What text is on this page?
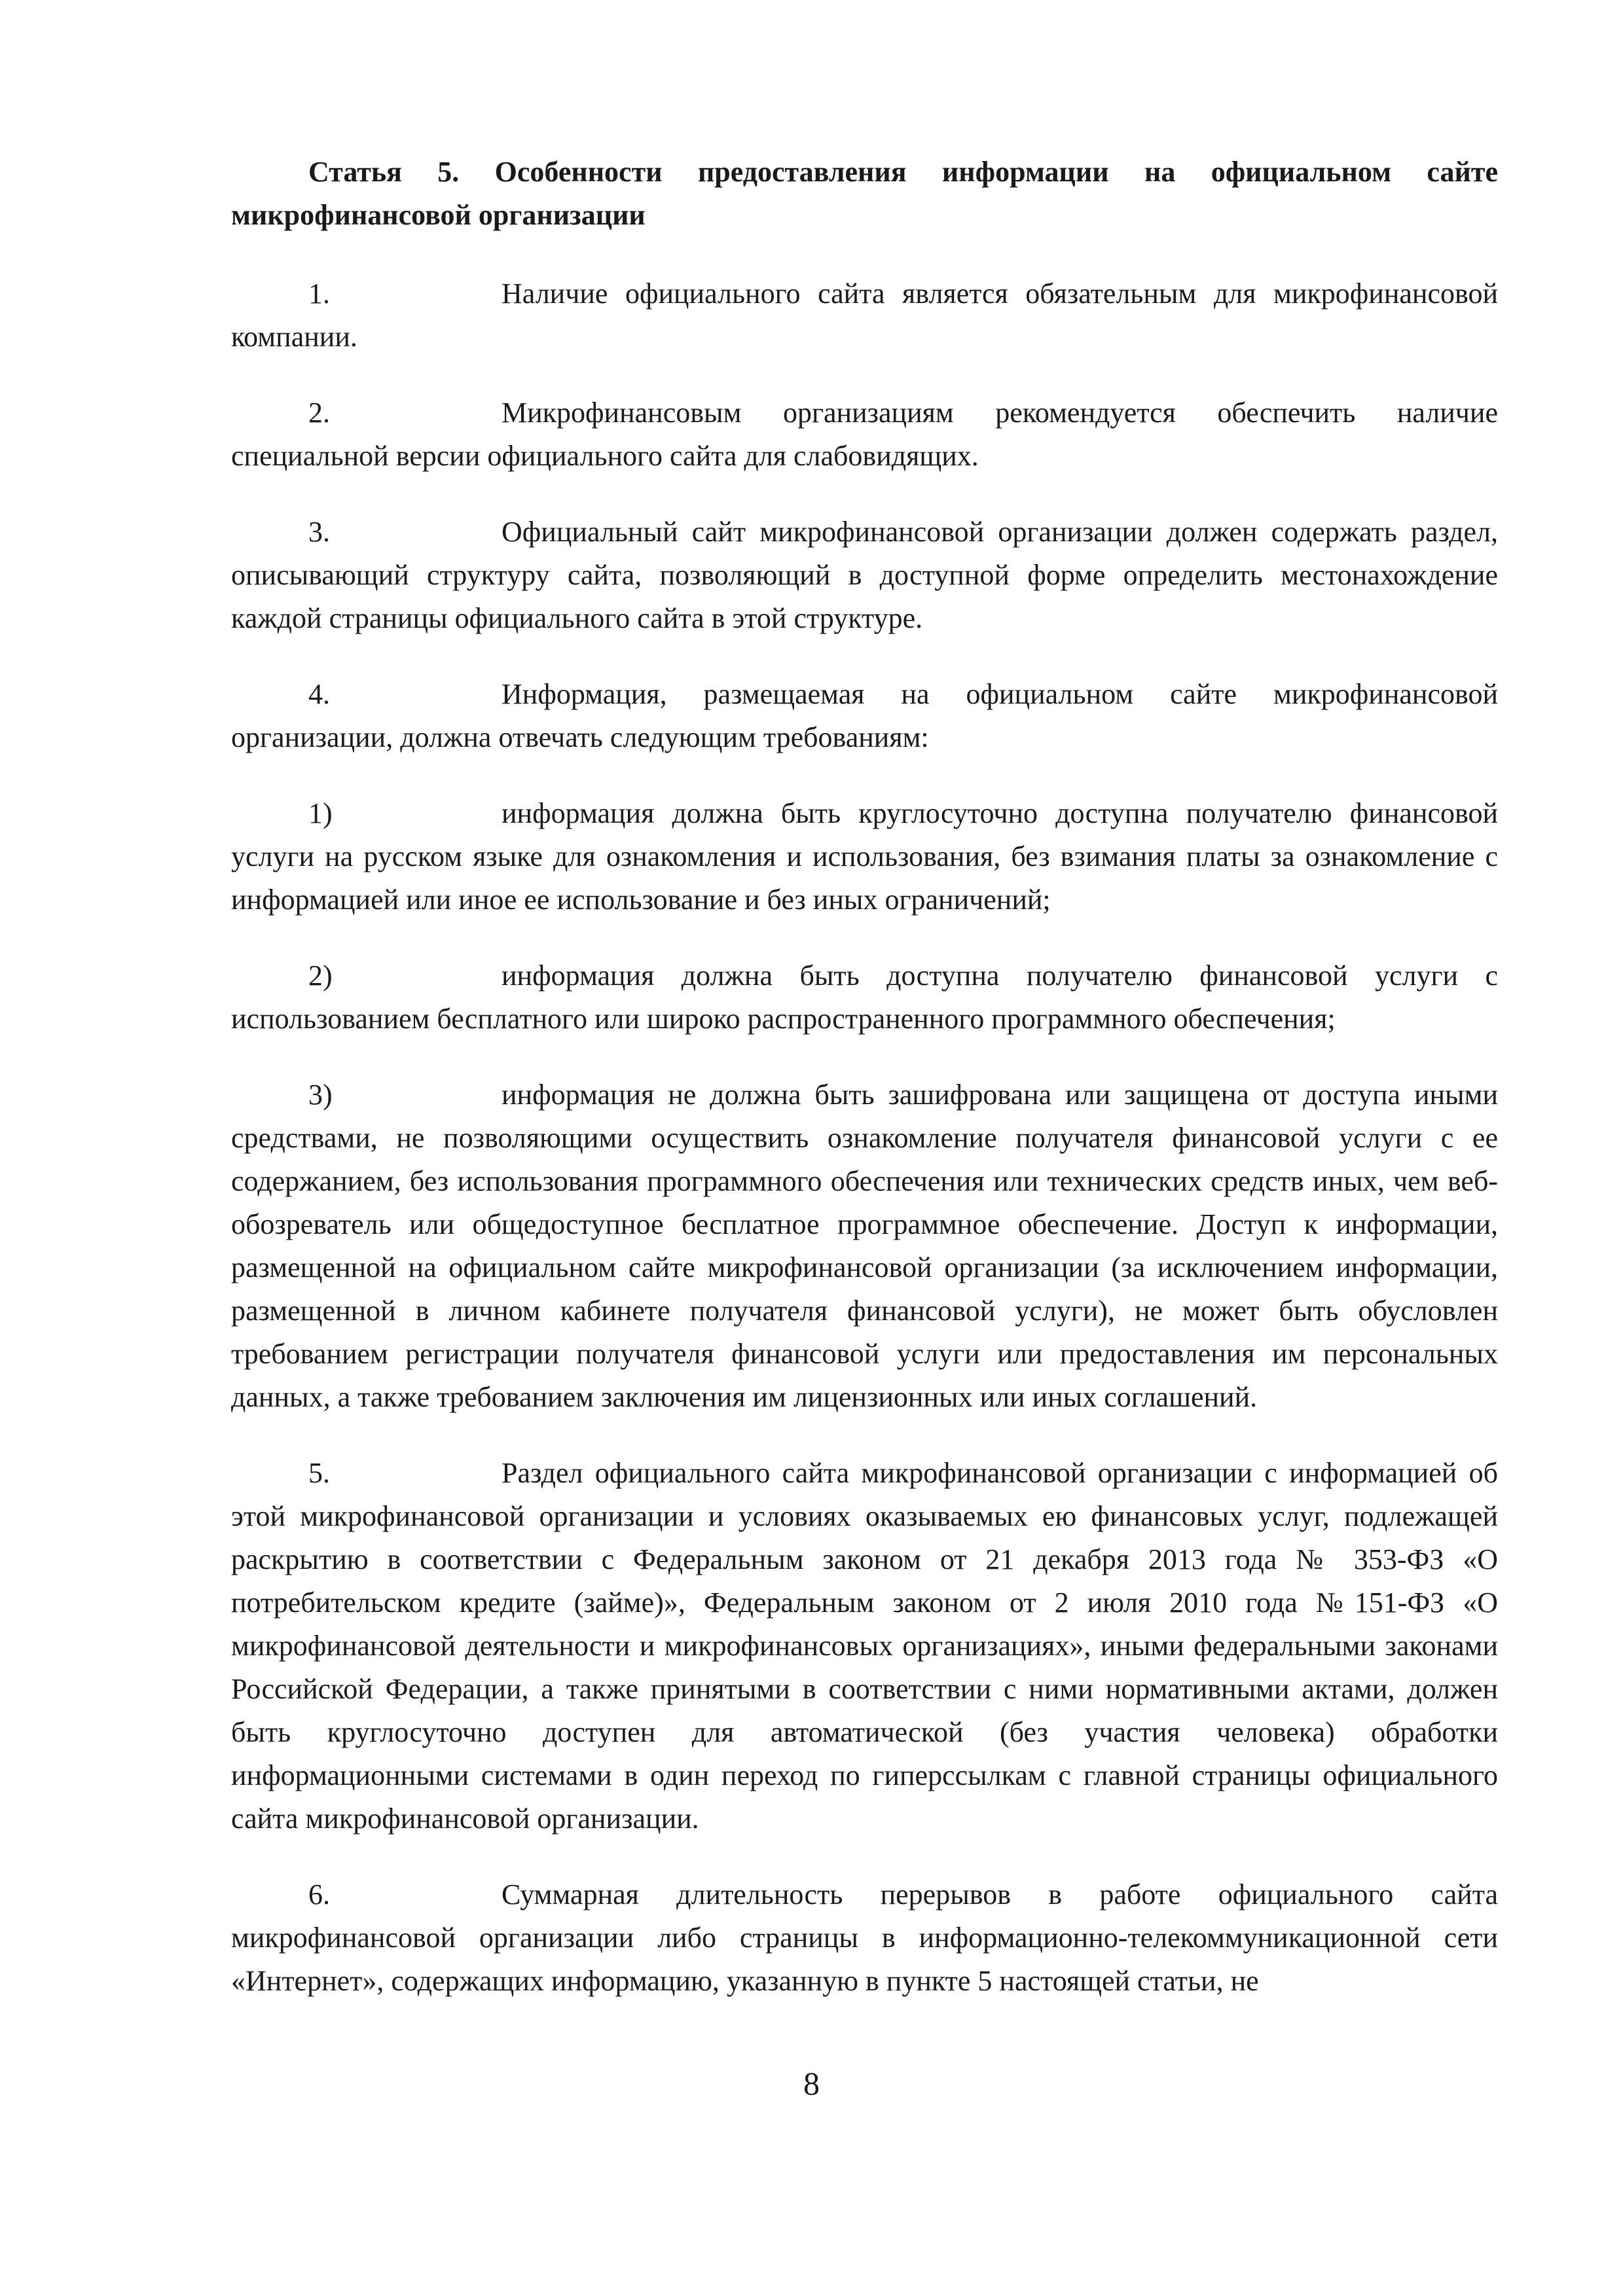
Статья 5. Особенности предоставления информации на официальном сайте микрофинансовой организации

1.	Наличие официального сайта является обязательным для микрофинансовой компании.

2.	Микрофинансовым организациям рекомендуется обеспечить наличие специальной версии официального сайта для слабовидящих.

3.	Официальный сайт микрофинансовой организации должен содержать раздел, описывающий структуру сайта, позволяющий в доступной форме определить местонахождение каждой страницы официального сайта в этой структуре.

4.	Информация, размещаемая на официальном сайте микрофинансовой организации, должна отвечать следующим требованиям:

1)	информация должна быть круглосуточно доступна получателю финансовой услуги на русском языке для ознакомления и использования, без взимания платы за ознакомление с информацией или иное ее использование и без иных ограничений;

2)	информация должна быть доступна получателю финансовой услуги с использованием бесплатного или широко распространенного программного обеспечения;

3)	информация не должна быть зашифрована или защищена от доступа иными средствами, не позволяющими осуществить ознакомление получателя финансовой услуги с ее содержанием, без использования программного обеспечения или технических средств иных, чем веб-обозреватель или общедоступное бесплатное программное обеспечение. Доступ к информации, размещенной на официальном сайте микрофинансовой организации (за исключением информации, размещенной в личном кабинете получателя финансовой услуги), не может быть обусловлен требованием регистрации получателя финансовой услуги или предоставления им персональных данных, а также требованием заключения им лицензионных или иных соглашений.

5.	Раздел официального сайта микрофинансовой организации с информацией об этой микрофинансовой организации и условиях оказываемых ею финансовых услуг, подлежащей раскрытию в соответствии с Федеральным законом от 21 декабря 2013 года № 353-ФЗ «О потребительском кредите (займе)», Федеральным законом от 2 июля 2010 года №151-ФЗ «О микрофинансовой деятельности и микрофинансовых организациях», иными федеральными законами Российской Федерации, а также принятыми в соответствии с ними нормативными актами, должен быть круглосуточно доступен для автоматической (без участия человека) обработки информационными системами в один переход по гиперссылкам с главной страницы официального сайта микрофинансовой организации.

6.	Суммарная длительность перерывов в работе официального сайта микрофинансовой организации либо страницы в информационно-телекоммуникационной сети «Интернет», содержащих информацию, указанную в пункте 5 настоящей статьи, не

8
